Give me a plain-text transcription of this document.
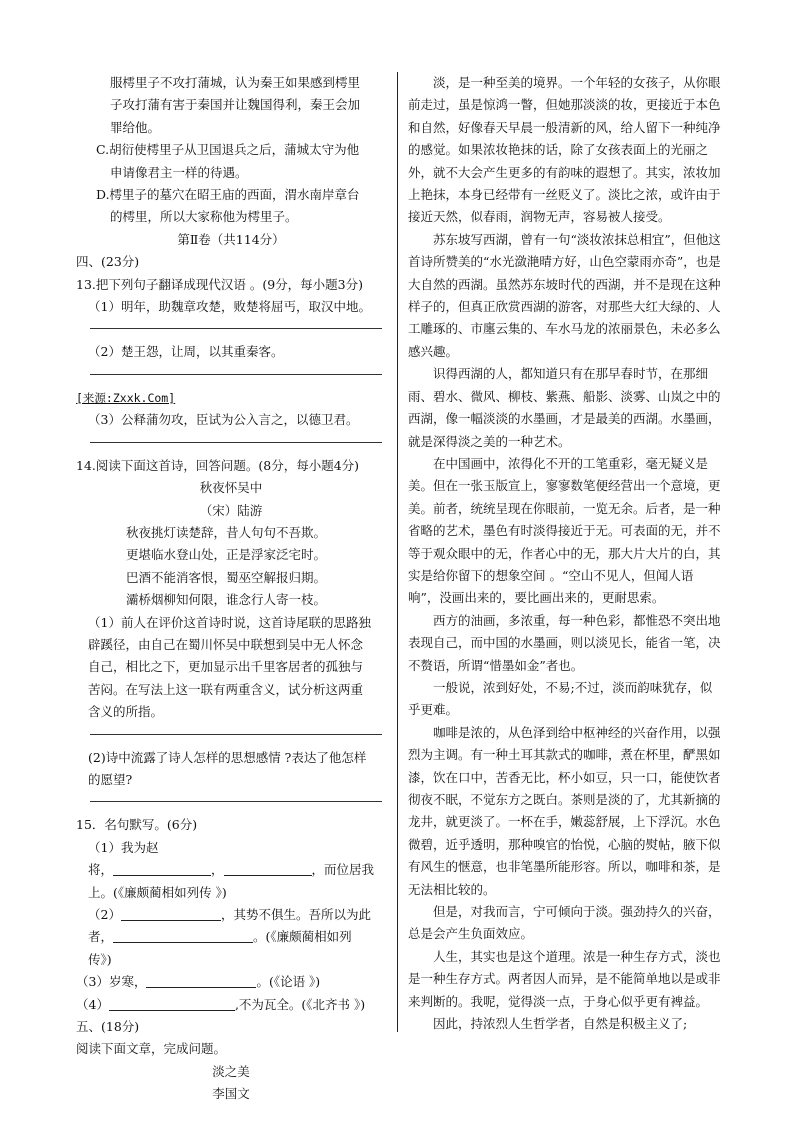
服樗里子不攻打蒲城，认为秦王如果感到樗里

子攻打蒲有害于秦国并让魏国得利，秦王会加

罪给他。

C.胡衍使樗里子从卫国退兵之后，蒲城太守为他

申请像君主一样的待遇。

D.樗里子的墓穴在昭王庙的西面，渭水南岸章台

的樗里，所以大家称他为樗里子。

第Ⅱ卷（共114分）

四、(23分)

13.把下列句子翻译成现代汉语 。(9分，每小题3分)

（1）明年，助魏章攻楚，败楚将屈丐，取汉中地。

（2）楚王怨，让周，以其重秦客。

[来源:Zxxk.Com]

（3）公释蒲勿攻，臣试为公入言之，以德卫君。

14.阅读下面这首诗，回答问题。(8分，每小题4分)

秋夜怀吴中

（宋）陆游

秋夜挑灯读楚辞，昔人句句不吾欺。

更堪临水登山处，正是浮家泛宅时。

巴酒不能消客恨，蜀巫空解报归期。

灞桥烟柳知何限，谁念行人寄一枝。

（1）前人在评价这首诗时说，这首诗尾联的思路独

辟蹊径，由自己在蜀川怀吴中联想到吴中无人怀念

自己，相比之下，更加显示出千里客居者的孤独与

苦闷。在写法上这一联有两重含义，试分析这两重

含义的所指。

(2)诗中流露了诗人怎样的思想感情 ?表达了他怎样

的愿望?

15．名句默写。(6分)

（1）我为赵

将，	，	，而位居我

上。(《廉颇蔺相如列传 》)

（2）	，其势不俱生。吾所以为此

者，	。(《廉颇蔺相如列

传》)

（3）岁寒，	。(《论语 》)

（4）	,不为瓦全。(《北齐书 》)

五、(18分)

阅读下面文章，完成问题。

淡之美

李国文

淡，是一种至美的境界。一个年轻的女孩子，从你眼前走过，虽是惊鸿一瞥，但她那淡淡的妆，更接近于本色和自然，好像春天早晨一般清新的风，给人留下一种纯净的感觉。如果浓妆艳抹的话，除了女孩表面上的光丽之外，就不大会产生更多的有韵味的遐想了。其实，浓妆加上艳抹，本身已经带有一丝贬义了。淡比之浓，或许由于接近天然，似春雨，润物无声，容易被人接受。

苏东坡写西湖，曾有一句“淡妆浓抹总相宜”，但他这首诗所赞美的“水光潋滟晴方好，山色空蒙雨亦奇”，也是大自然的西湖。虽然苏东坡时代的西湖，并不是现在这种样子的，但真正欣赏西湖的游客，对那些大红大绿的、人工雕琢的、市廛云集的、车水马龙的浓丽景色，未必多么感兴趣。

识得西湖的人，都知道只有在那早春时节，在那细雨、碧水、微风、柳枝、紫燕、船影、淡雾、山岚之中的西湖，像一幅淡淡的水墨画，才是最美的西湖。水墨画，就是深得淡之美的一种艺术。

在中国画中，浓得化不开的工笔重彩，毫无疑义是美。但在一张玉版宣上，寥寥数笔便经营出一个意境，更美。前者，统统呈现在你眼前，一览无余。后者，是一种省略的艺术，墨色有时淡得接近于无。可表面的无，并不等于观众眼中的无，作者心中的无，那大片大片的白，其实是给你留下的想象空间 。“空山不见人，但闻人语响”，没画出来的，要比画出来的，更耐思索。

西方的油画，多浓重，每一种色彩，都惟恐不突出地表现自己，而中国的水墨画，则以淡见长，能省一笔，决不赘语，所谓“惜墨如金”者也。

一般说，浓到好处，不易;不过，淡而韵味犹存，似乎更难。

咖啡是浓的，从色泽到给中枢神经的兴奋作用，以强烈为主调。有一种土耳其款式的咖啡，煮在杯里，酽黑如漆，饮在口中，苦香无比，杯小如豆，只一口，能使饮者彻夜不眠，不觉东方之既白。茶则是淡的了，尤其新摘的龙井，就更淡了。一杯在手，嫩蕊舒展，上下浮沉。水色微碧，近乎透明，那种嗅官的怡悦，心脑的熨帖，腋下似有风生的惬意，也非笔墨所能形容。所以，咖啡和茶，是无法相比较的。

但是，对我而言，宁可倾向于淡。强劲持久的兴奋，总是会产生负面效应。

人生，其实也是这个道理。浓是一种生存方式，淡也是一种生存方式。两者因人而异，是不能简单地以是或非来判断的。我呢，觉得淡一点，于身心似乎更有裨益。

因此，持浓烈人生哲学者，自然是积极主义了;
